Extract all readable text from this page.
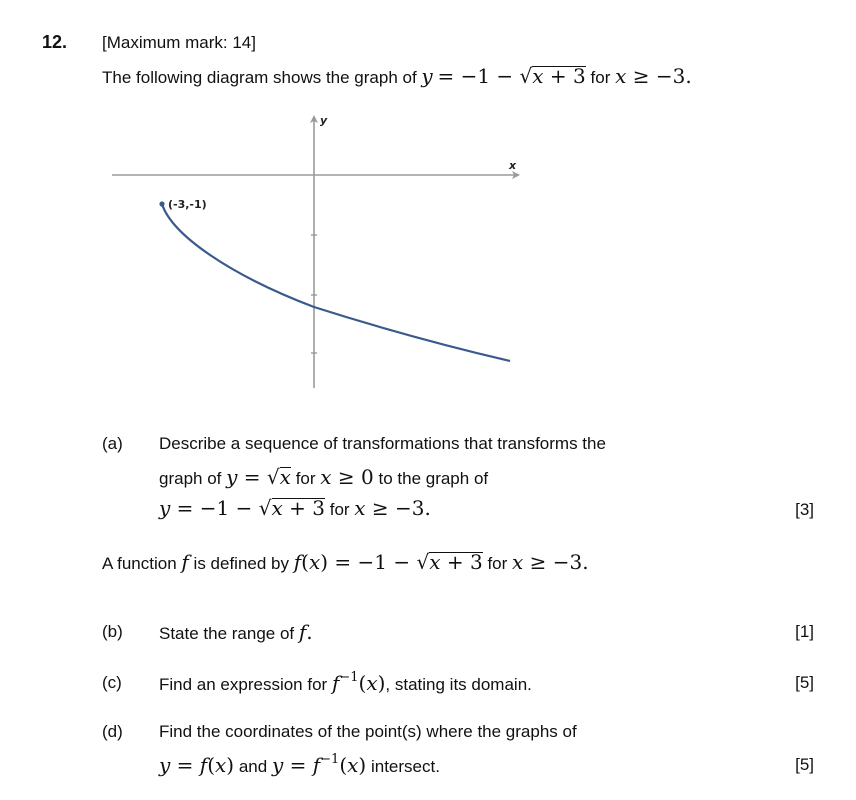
12. [Maximum mark: 14]
The following diagram shows the graph of y = −1 − √x + 3 for x ≥ −3.
x
y
(-3,-1)
(a) Describe a sequence of transformations that transforms the
graph of y = √x for x ≥ 0 to the graph of
y = −1 − √x + 3 for x ≥ −3.	[3]
A function f is defined by f(x) = −1 − √x + 3 for x ≥ −3.
(b) State the range of f.	[1]
(c) Find an expression for $f^{-1}(x)$, stating its domain.	[5]
(d) Find the coordinates of the point(s) where the graphs of
y = f(x) and $y = f^{-1}(x)$ intersect.	[5]
